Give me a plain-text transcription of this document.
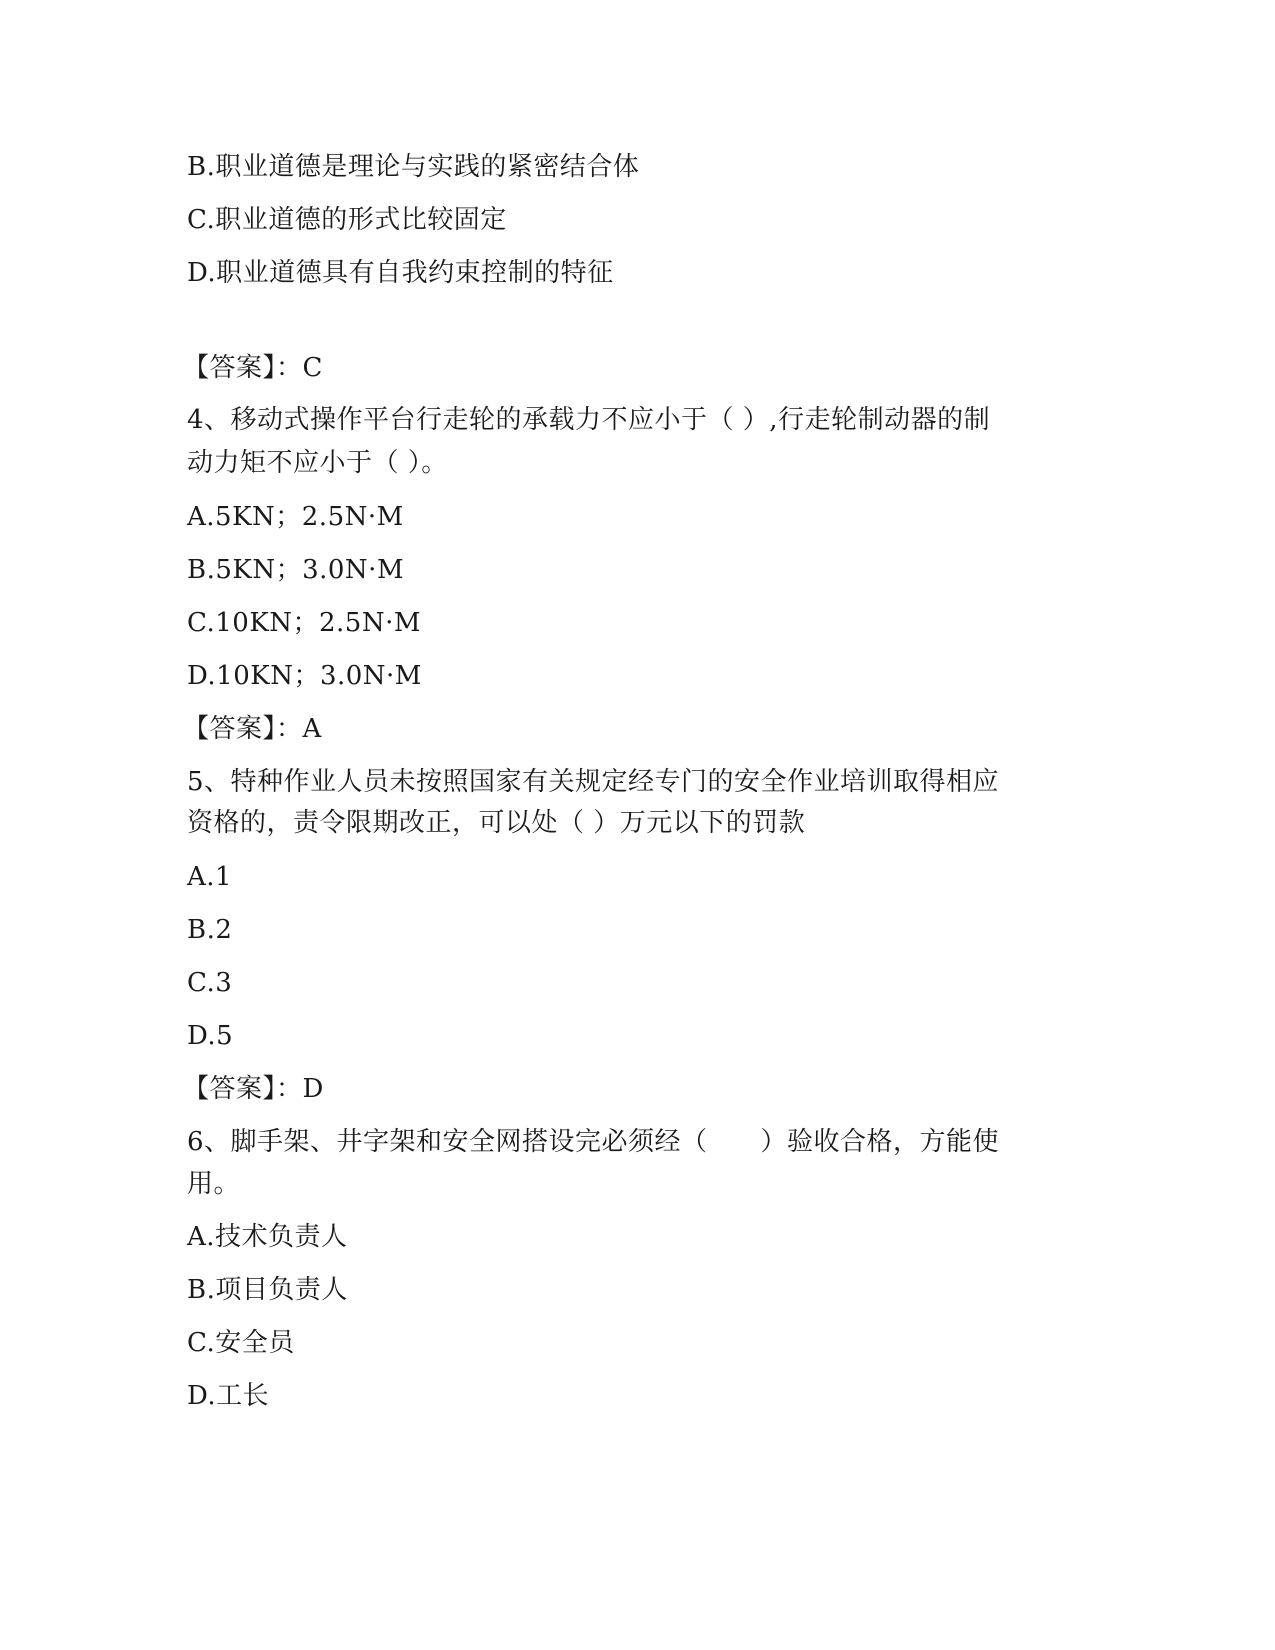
B.职业道德是理论与实践的紧密结合体
C.职业道德的形式比较固定
D.职业道德具有自我约束控制的特征
【答案】：C
4、移动式操作平台行走轮的承载力不应小于（ ）,行走轮制动器的制
动力矩不应小于（ ）。
A.5KN；2.5N·M
B.5KN；3.0N·M
C.10KN；2.5N·M
D.10KN；3.0N·M
【答案】：A
5、特种作业人员未按照国家有关规定经专门的安全作业培训取得相应
资格的，责令限期改正，可以处（ ）万元以下的罚款
A.1
B.2
C.3
D.5
【答案】：D
6、脚手架、井字架和安全网搭设完必须经（　　）验收合格，方能使
用。
A.技术负责人
B.项目负责人
C.安全员
D.工长
